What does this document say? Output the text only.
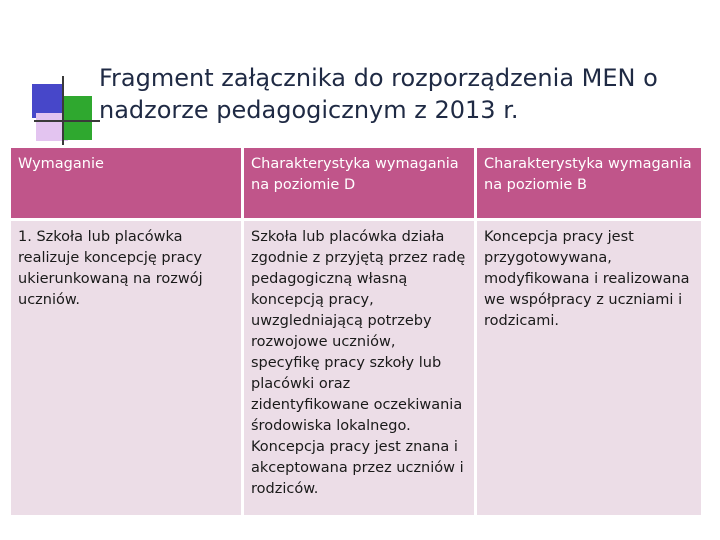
Fragment załącznika do rozporządzenia MEN o nadzorze pedagogicznym z 2013 r.
Wymaganie	Charakterystyka wymagania na poziomie D	Charakterystyka wymagania na poziomie B
1. Szkoła lub placówka realizuje koncepcję pracy ukierunkowaną na rozwój uczniów.	Szkoła lub placówka działa zgodnie z przyjętą przez radę pedagogiczną własną koncepcją pracy, uwzgledniającą potrzeby rozwojowe uczniów, specyfikę pracy szkoły lub placówki oraz zidentyfikowane oczekiwania środowiska lokalnego. Koncepcja pracy jest znana i akceptowana przez uczniów i rodziców.	Koncepcja pracy jest przygotowywana, modyfikowana i realizowana we współpracy z uczniami i rodzicami.
